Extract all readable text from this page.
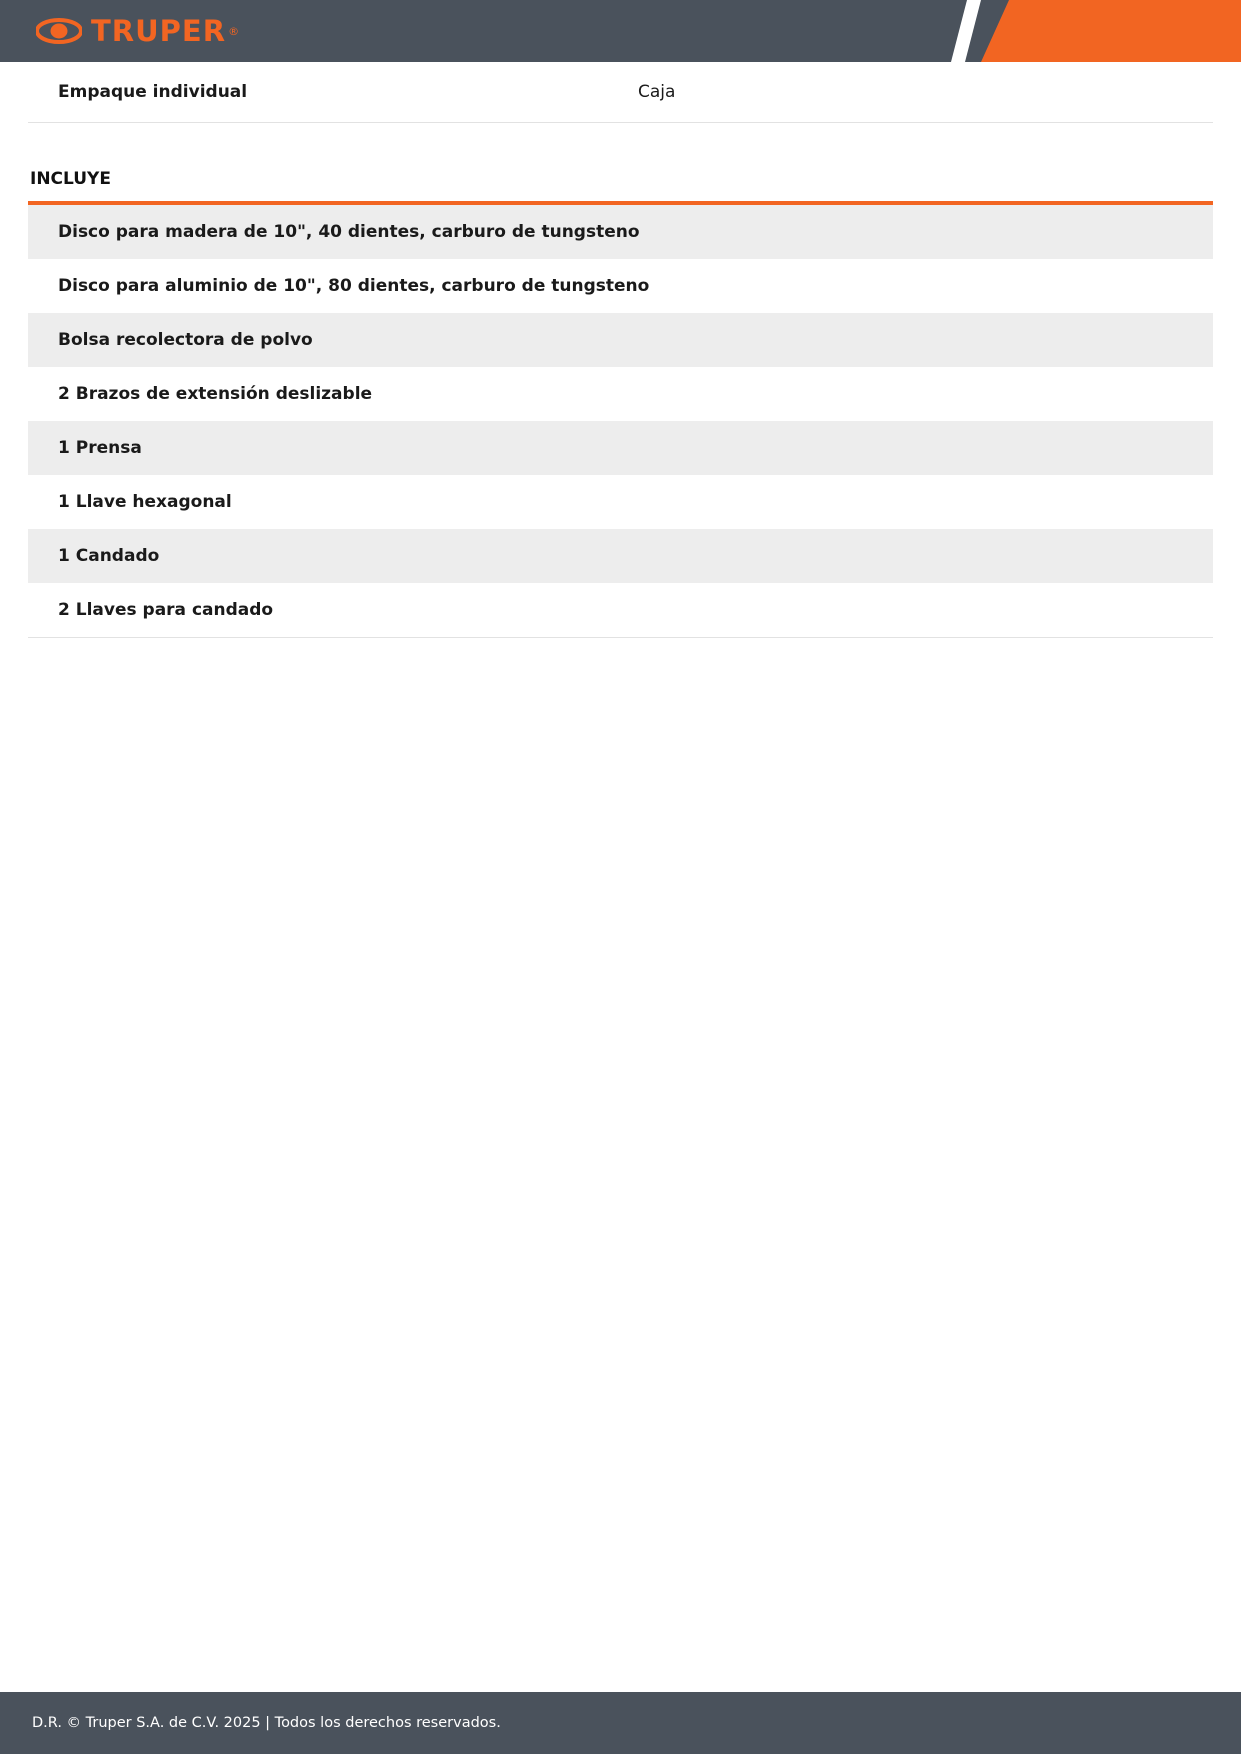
TRUPER ®
Empaque individual	Caja
INCLUYE
Disco para madera de 10", 40 dientes, carburo de tungsteno
Disco para aluminio de 10", 80 dientes, carburo de tungsteno
Bolsa recolectora de polvo
2 Brazos de extensión deslizable
1 Prensa
1 Llave hexagonal
1 Candado
2 Llaves para candado
D.R. © Truper S.A. de C.V. 2025 | Todos los derechos reservados.
